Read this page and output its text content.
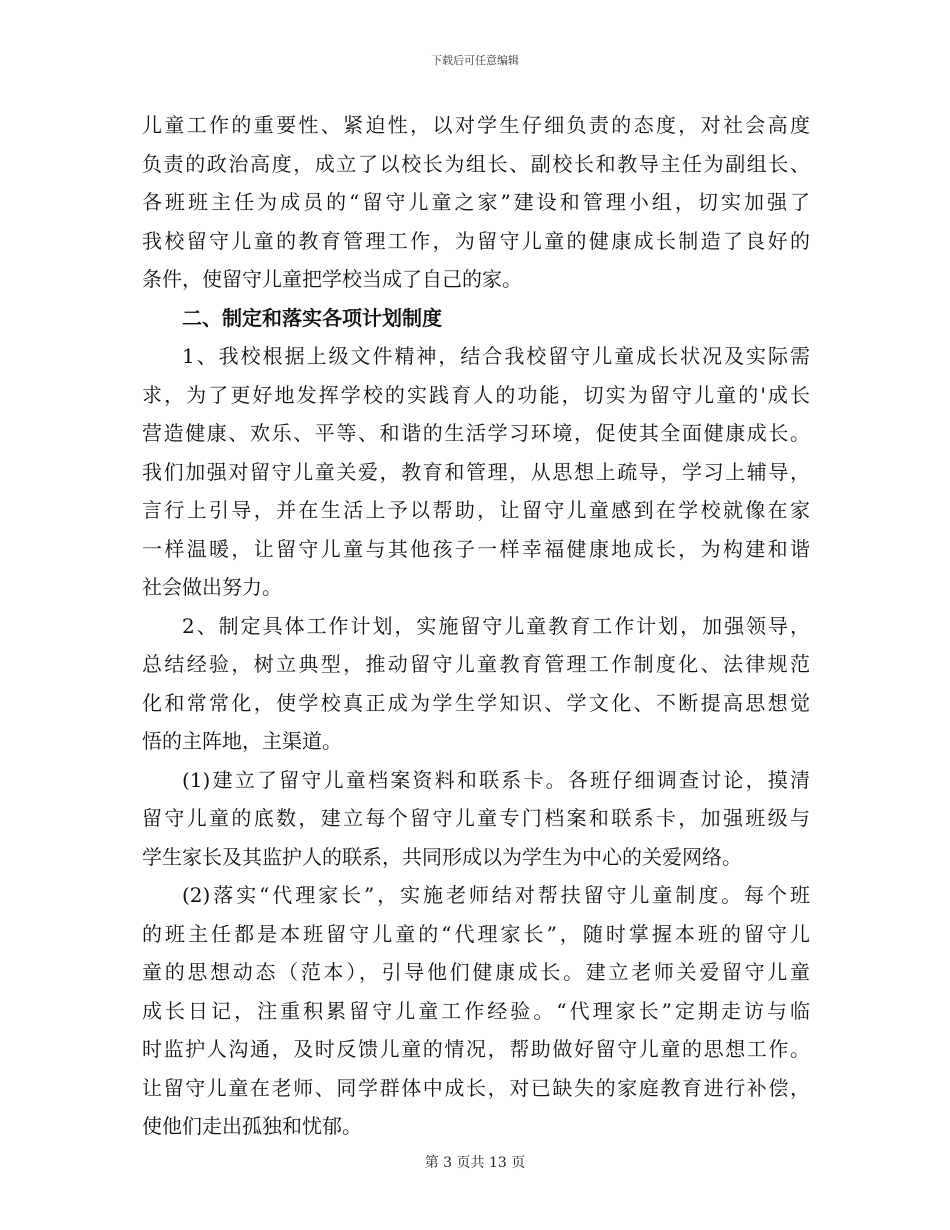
下载后可任意编辑
儿童工作的重要性、紧迫性，以对学生仔细负责的态度，对社会高度
负责的政治高度，成立了以校长为组长、副校长和教导主任为副组长、
各班班主任为成员的“留守儿童之家”建设和管理小组，切实加强了
我校留守儿童的教育管理工作，为留守儿童的健康成长制造了良好的
条件，使留守儿童把学校当成了自己的家。
二、制定和落实各项计划制度
1、我校根据上级文件精神，结合我校留守儿童成长状况及实际需
求，为了更好地发挥学校的实践育人的功能，切实为留守儿童的'成长
营造健康、欢乐、平等、和谐的生活学习环境，促使其全面健康成长。
我们加强对留守儿童关爱，教育和管理，从思想上疏导，学习上辅导，
言行上引导，并在生活上予以帮助，让留守儿童感到在学校就像在家
一样温暖，让留守儿童与其他孩子一样幸福健康地成长，为构建和谐
社会做出努力。
2、制定具体工作计划，实施留守儿童教育工作计划，加强领导，
总结经验，树立典型，推动留守儿童教育管理工作制度化、法律规范
化和常常化，使学校真正成为学生学知识、学文化、不断提高思想觉
悟的主阵地，主渠道。
(1)建立了留守儿童档案资料和联系卡。各班仔细调查讨论，摸清
留守儿童的底数，建立每个留守儿童专门档案和联系卡，加强班级与
学生家长及其监护人的联系，共同形成以为学生为中心的关爱网络。
(2)落实“代理家长”，实施老师结对帮扶留守儿童制度。每个班
的班主任都是本班留守儿童的“代理家长”，随时掌握本班的留守儿
童的思想动态（范本），引导他们健康成长。建立老师关爱留守儿童
成长日记，注重积累留守儿童工作经验。“代理家长”定期走访与临
时监护人沟通，及时反馈儿童的情况，帮助做好留守儿童的思想工作。
让留守儿童在老师、同学群体中成长，对已缺失的家庭教育进行补偿，
使他们走出孤独和忧郁。
第 3 页共 13 页
